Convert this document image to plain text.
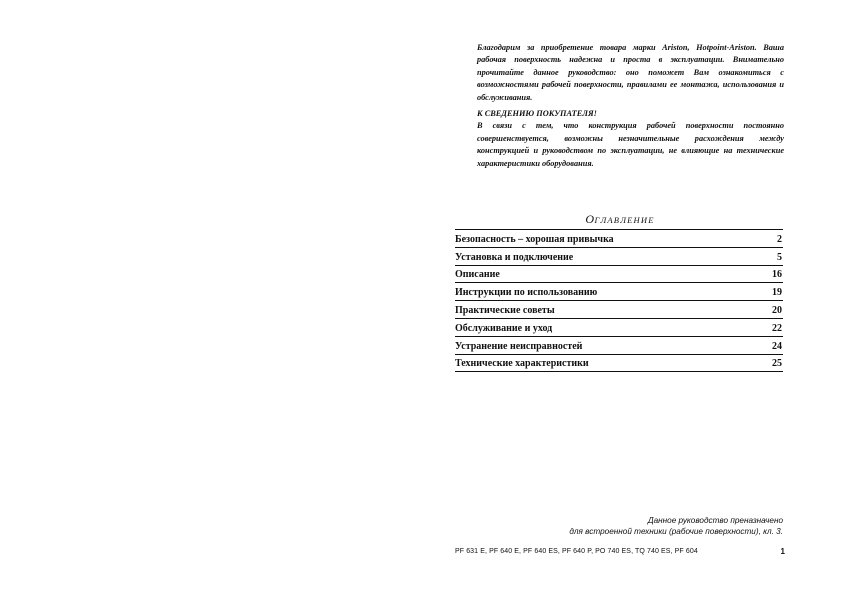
Благодарим за приобретение товара марки Ariston, Hotpoint-Ariston. Ваша рабочая поверхность надежна и проста в эксплуатации. Внимательно прочитайте данное руководство: оно поможет Вам ознакомиться с возможностями рабочей поверхности, правилами ее монтажа, использования и обслуживания.

К СВЕДЕНИЮ ПОКУПАТЕЛЯ!

В связи с тем, что конструкция рабочей поверхности постоянно совершенствуется, возможны незначительные расхождения между конструкцией и руководством по эксплуатации, не влияющие на технические характеристики оборудования.

ОГЛАВЛЕНИЕ
Безопасность – хорошая привычка	2
Установка и подключение	5
Описание	16
Инструкции по использованию	19
Практические советы	20
Обслуживание и уход	22
Устранение неисправностей	24
Технические характеристики	25
Данное руководство преназначено
для встроенной техники (рабочие поверхности), кл. 3.
PF 631 E, PF 640 E, PF 640 ES, PF 640 P, PO 740 ES, TQ 740 ES, PF 604	1
